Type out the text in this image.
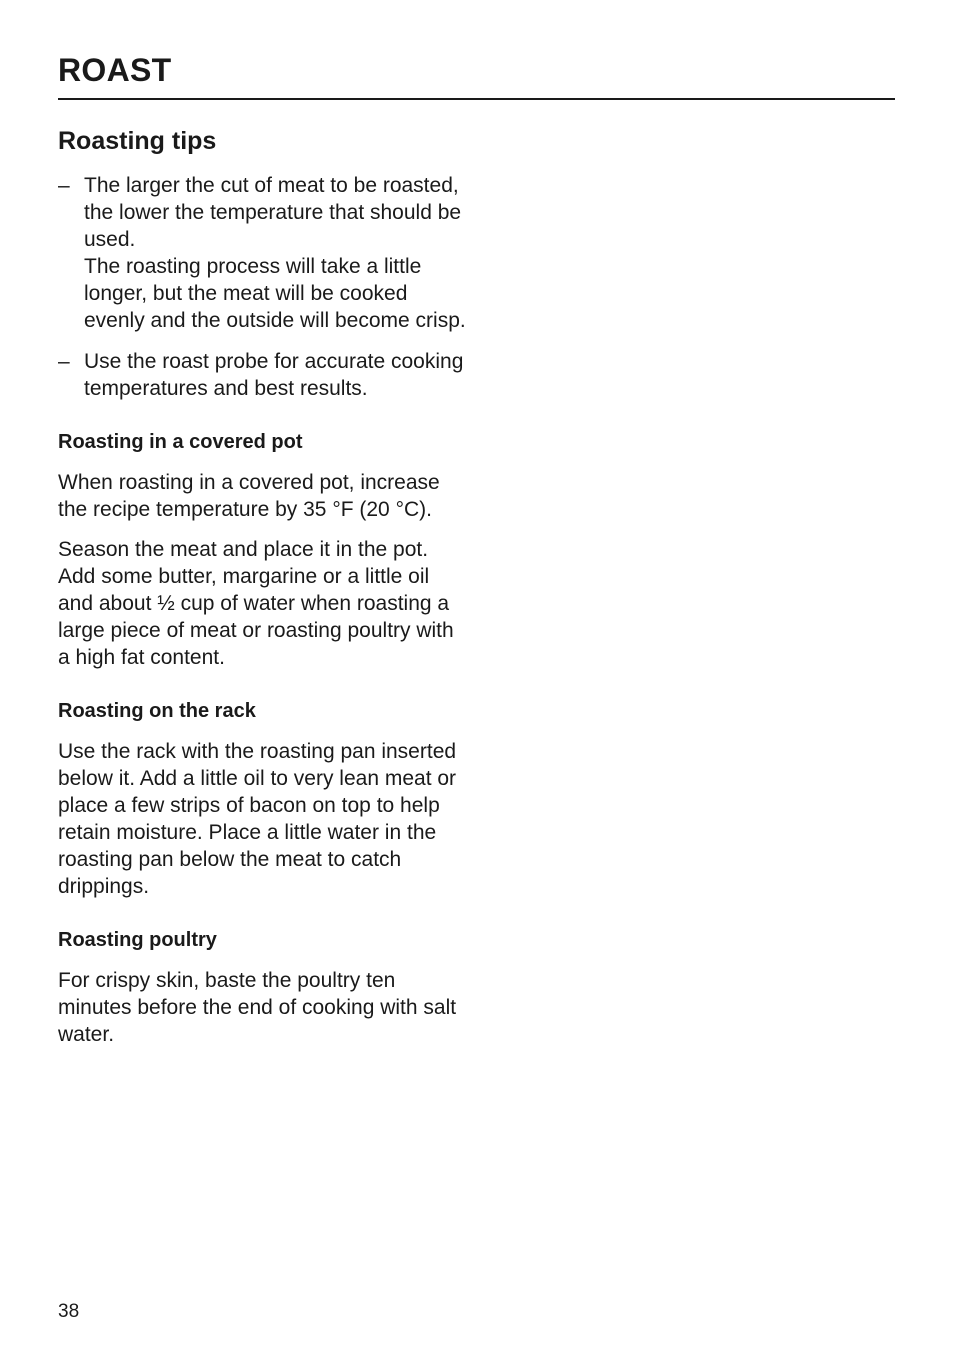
ROAST
Roasting tips
– The larger the cut of meat to be roasted, the lower the temperature that should be used.

The roasting process will take a little longer, but the meat will be cooked evenly and the outside will become crisp.

– Use the roast probe for accurate cooking temperatures and best results.

Roasting in a covered pot

When roasting in a covered pot, increase the recipe temperature by 35 °F (20 °C).

Season the meat and place it in the pot. Add some butter, margarine or a little oil and about ½ cup of water when roasting a large piece of meat or roasting poultry with a high fat content.

Roasting on the rack

Use the rack with the roasting pan inserted below it. Add a little oil to very lean meat or place a few strips of bacon on top to help retain moisture. Place a little water in the roasting pan below the meat to catch drippings.

Roasting poultry

For crispy skin, baste the poultry ten minutes before the end of cooking with salt water.

38
